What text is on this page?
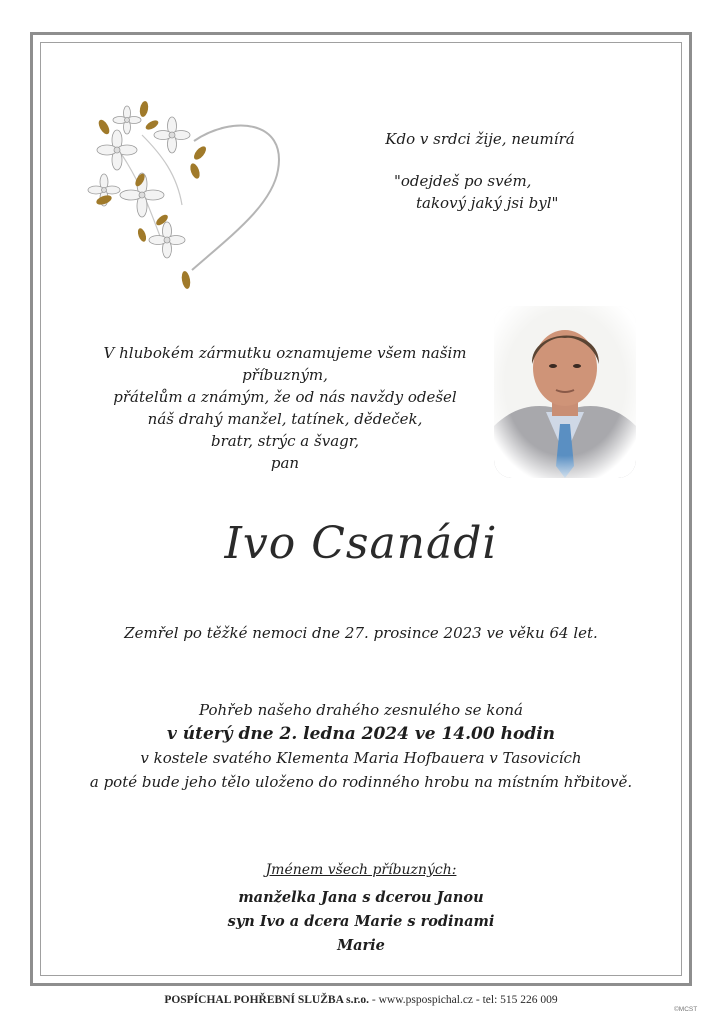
Kdo v srdci žije, neumírá
"odejdeš po svém,
takový jaký jsi byl"
V hlubokém zármutku oznamujeme všem našim příbuzným,
přátelům a známým, že od nás navždy odešel
náš drahý manžel, tatínek, dědeček,
bratr, strýc a švagr,
pan
Ivo Csanádi
Zemřel po těžké nemoci dne 27. prosince 2023 ve věku 64 let.
Pohřeb našeho drahého zesnulého se koná
v úterý dne 2. ledna 2024 ve 14.00 hodin
v kostele svatého Klementa Maria Hofbauera v Tasovicích
a poté bude jeho tělo uloženo do rodinného hrobu na místním hřbitově.
Jménem všech příbuzných:
manželka Jana s dcerou Janou
syn Ivo a dcera Marie s rodinami
Marie
POSPÍCHAL POHŘEBNÍ SLUŽBA s.r.o. - www.pspospichal.cz - tel: 515 226 009
©MCST
